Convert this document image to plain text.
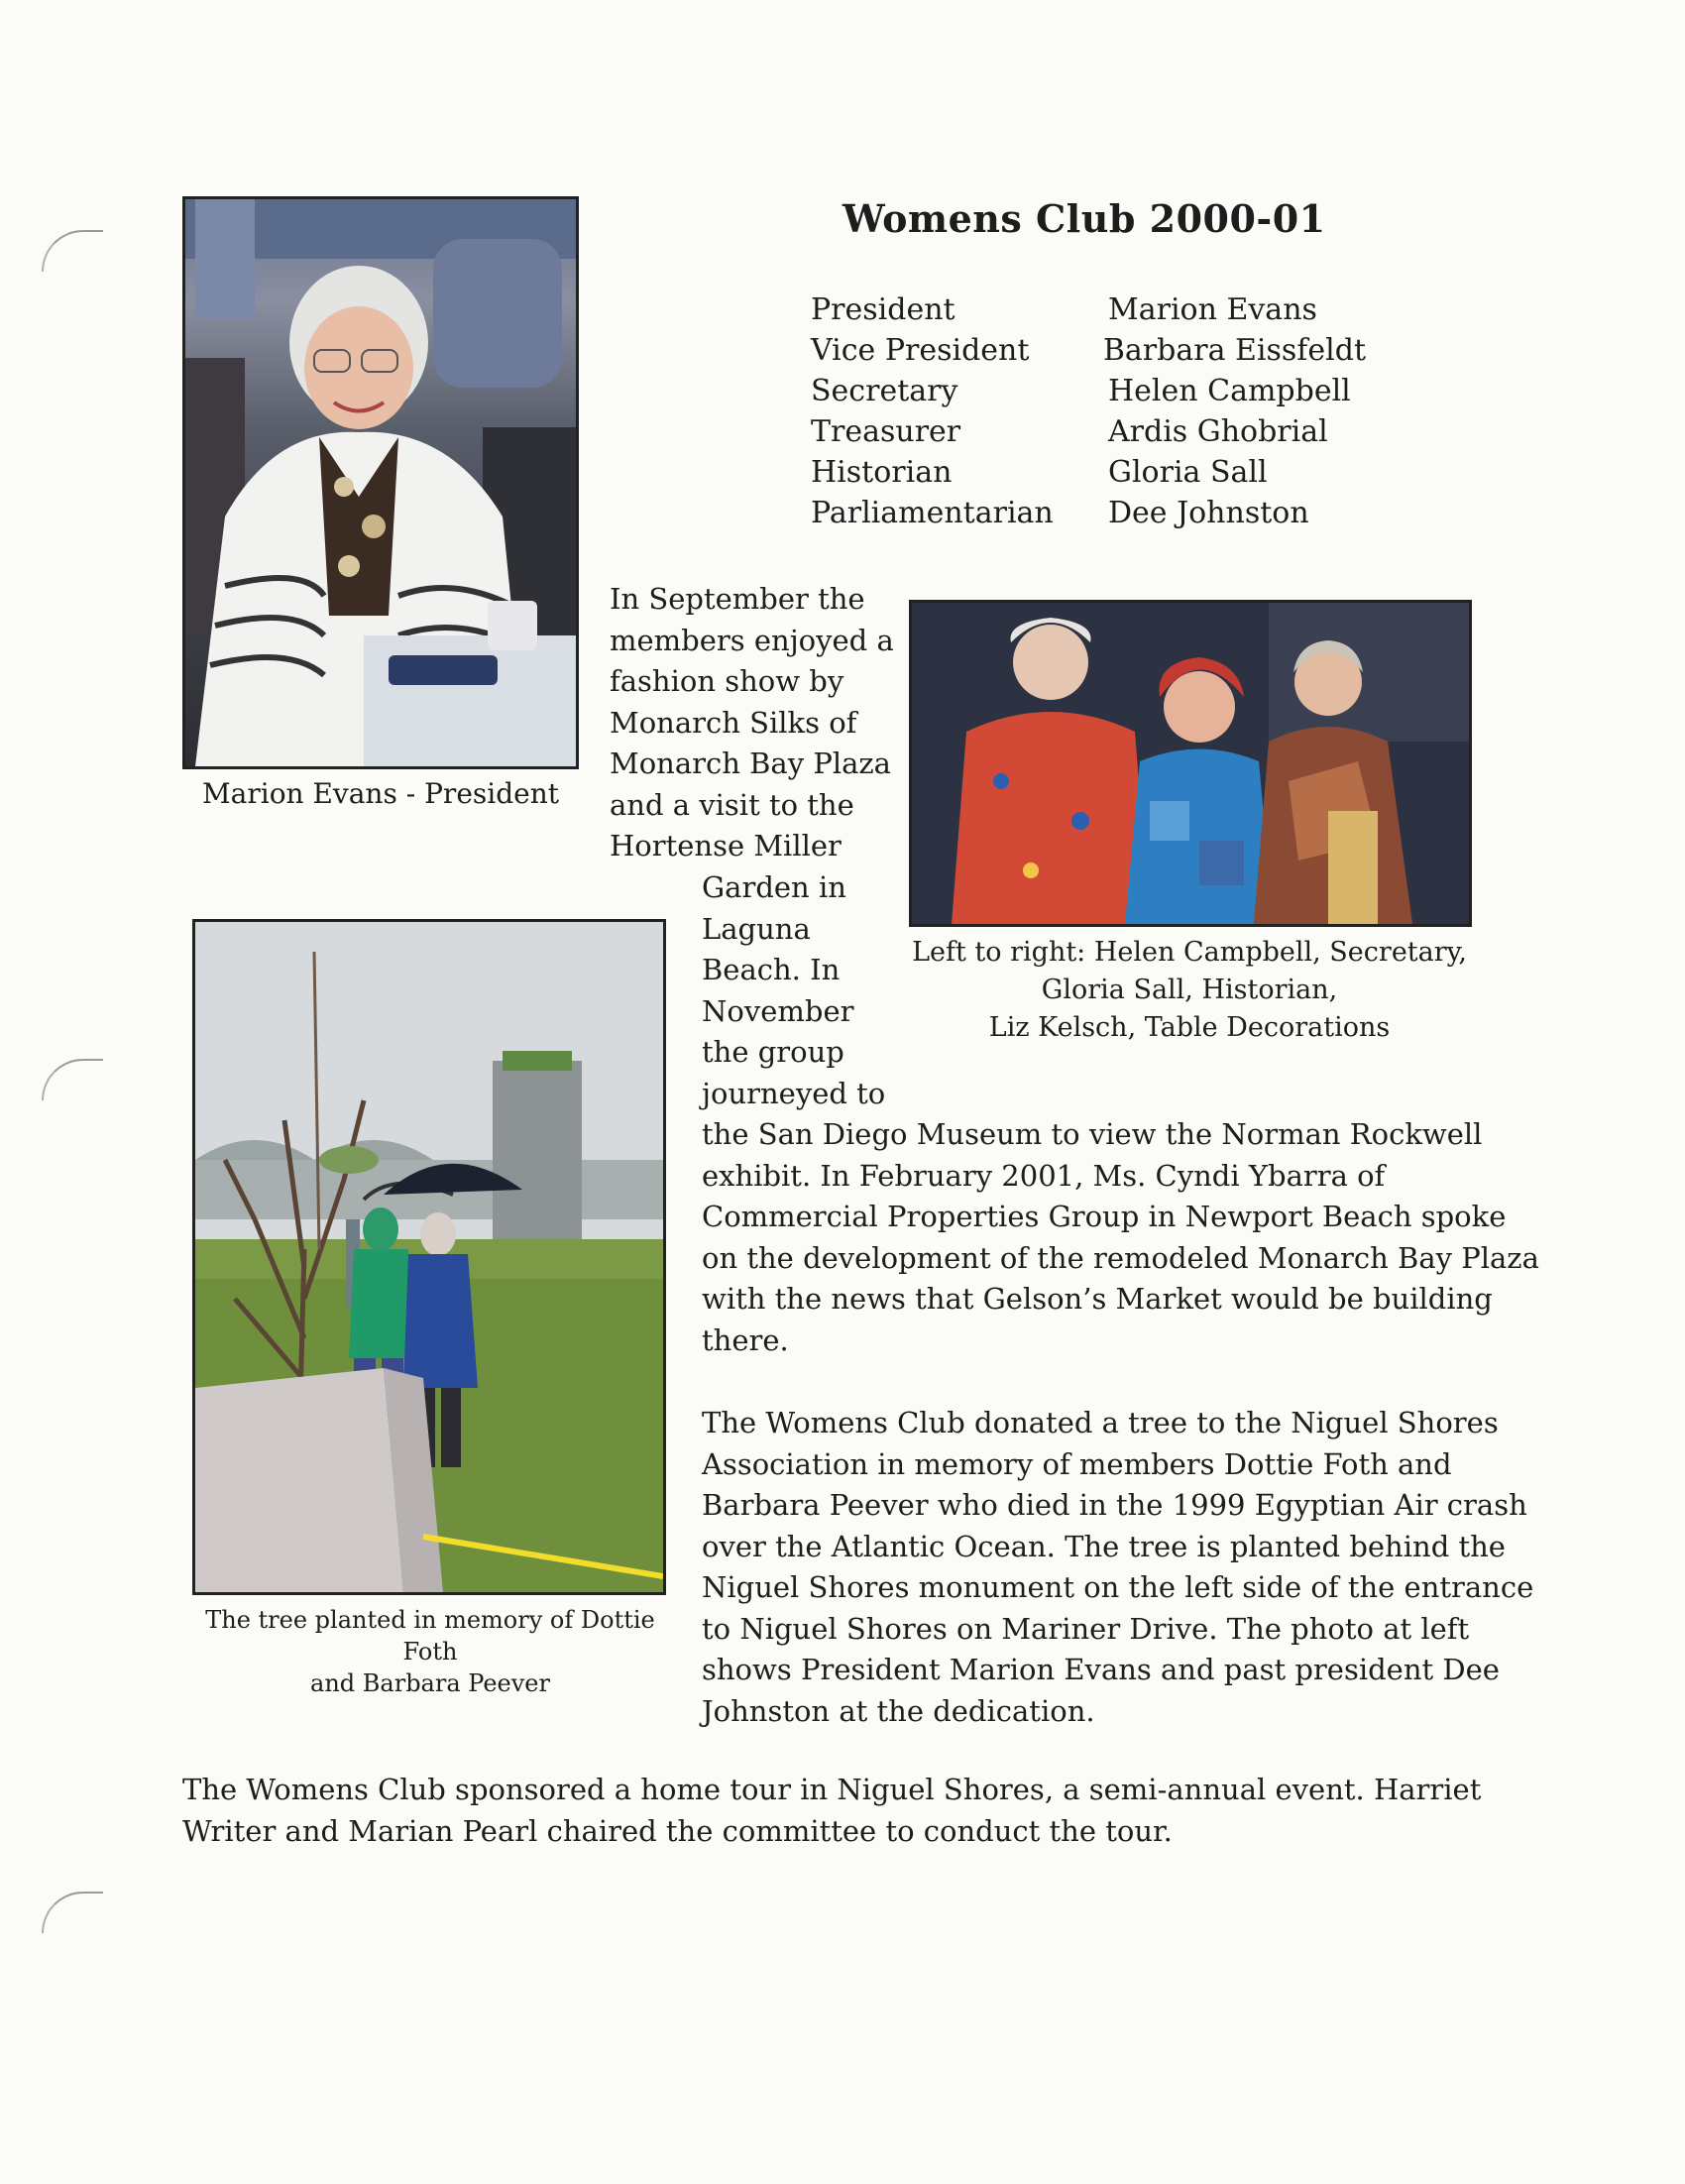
Womens Club 2000-01
President	Marion Evans
Vice President	Barbara Eissfeldt
Secretary	Helen Campbell
Treasurer	Ardis Ghobrial
Historian	Gloria Sall
Parliamentarian	Dee Johnston
Marion Evans - President
Left to right: Helen Campbell, Secretary,
Gloria Sall, Historian,
Liz Kelsch, Table Decorations
The tree planted in memory of Dottie Foth
and Barbara Peever
In September the
members enjoyed a
fashion show by
Monarch Silks of
Monarch Bay Plaza
and a visit to the
Hortense Miller
Garden in
Laguna
Beach. In
November
the group
journeyed to
the San Diego Museum to view the Norman Rockwell
exhibit. In February 2001, Ms. Cyndi Ybarra of
Commercial Properties Group in Newport Beach spoke
on the development of the remodeled Monarch Bay Plaza
with the news that Gelson’s Market would be building
there.
The Womens Club donated a tree to the Niguel Shores
Association in memory of members Dottie Foth and
Barbara Peever who died in the 1999 Egyptian Air crash
over the Atlantic Ocean. The tree is planted behind the
Niguel Shores monument on the left side of the entrance
to Niguel Shores on Mariner Drive. The photo at left
shows President Marion Evans and past president Dee
Johnston at the dedication.
The Womens Club sponsored a home tour in Niguel Shores, a semi-annual event. Harriet
Writer and Marian Pearl chaired the committee to conduct the tour.
